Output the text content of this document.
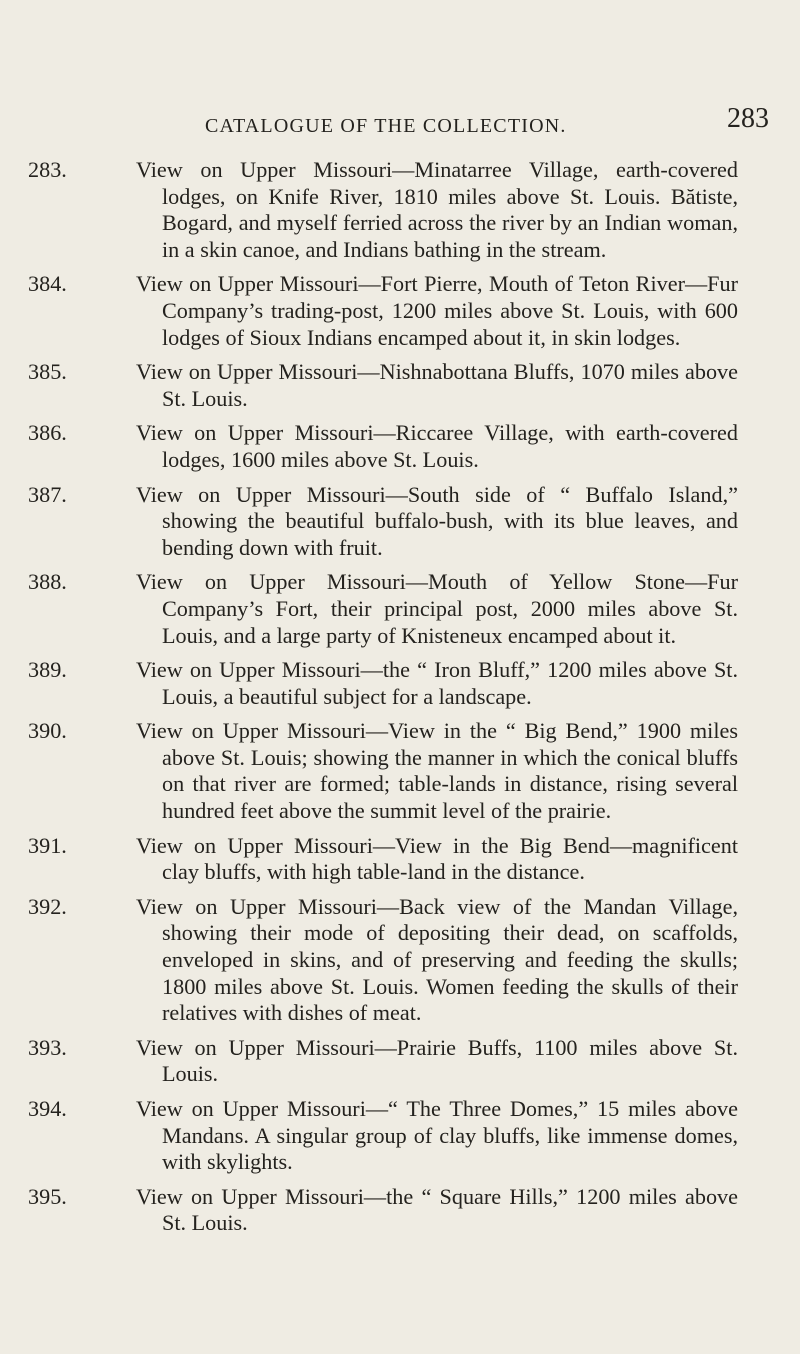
CATALOGUE OF THE COLLECTION.	283
283.	View on Upper Missouri—Minatarree Village, earth-covered lodges, on Knife River, 1810 miles above St. Louis. Bătiste, Bogard, and myself ferried across the river by an Indian woman, in a skin canoe, and Indians bathing in the stream.
384.	View on Upper Missouri—Fort Pierre, Mouth of Teton River—Fur Company’s trading-post, 1200 miles above St. Louis, with 600 lodges of Sioux Indians encamped about it, in skin lodges.
385.	View on Upper Missouri—Nishnabottana Bluffs, 1070 miles above St. Louis.
386.	View on Upper Missouri—Riccaree Village, with earth-covered lodges, 1600 miles above St. Louis.
387.	View on Upper Missouri—South side of “ Buffalo Island,” showing the beautiful buffalo-bush, with its blue leaves, and bending down with fruit.
388.	View on Upper Missouri—Mouth of Yellow Stone—Fur Company’s Fort, their principal post, 2000 miles above St. Louis, and a large party of Knisteneux encamped about it.
389.	View on Upper Missouri—the “ Iron Bluff,” 1200 miles above St. Louis, a beautiful subject for a landscape.
390.	View on Upper Missouri—View in the “ Big Bend,” 1900 miles above St. Louis; showing the manner in which the conical bluffs on that river are formed; table-lands in distance, rising several hundred feet above the summit level of the prairie.
391.	View on Upper Missouri—View in the Big Bend—magnificent clay bluffs, with high table-land in the distance.
392.	View on Upper Missouri—Back view of the Mandan Village, showing their mode of depositing their dead, on scaffolds, enveloped in skins, and of preserving and feeding the skulls; 1800 miles above St. Louis. Women feeding the skulls of their relatives with dishes of meat.
393.	View on Upper Missouri—Prairie Buffs, 1100 miles above St. Louis.
394.	View on Upper Missouri—“ The Three Domes,” 15 miles above Mandans. A singular group of clay bluffs, like immense domes, with skylights.
395.	View on Upper Missouri—the “ Square Hills,” 1200 miles above St. Louis.
